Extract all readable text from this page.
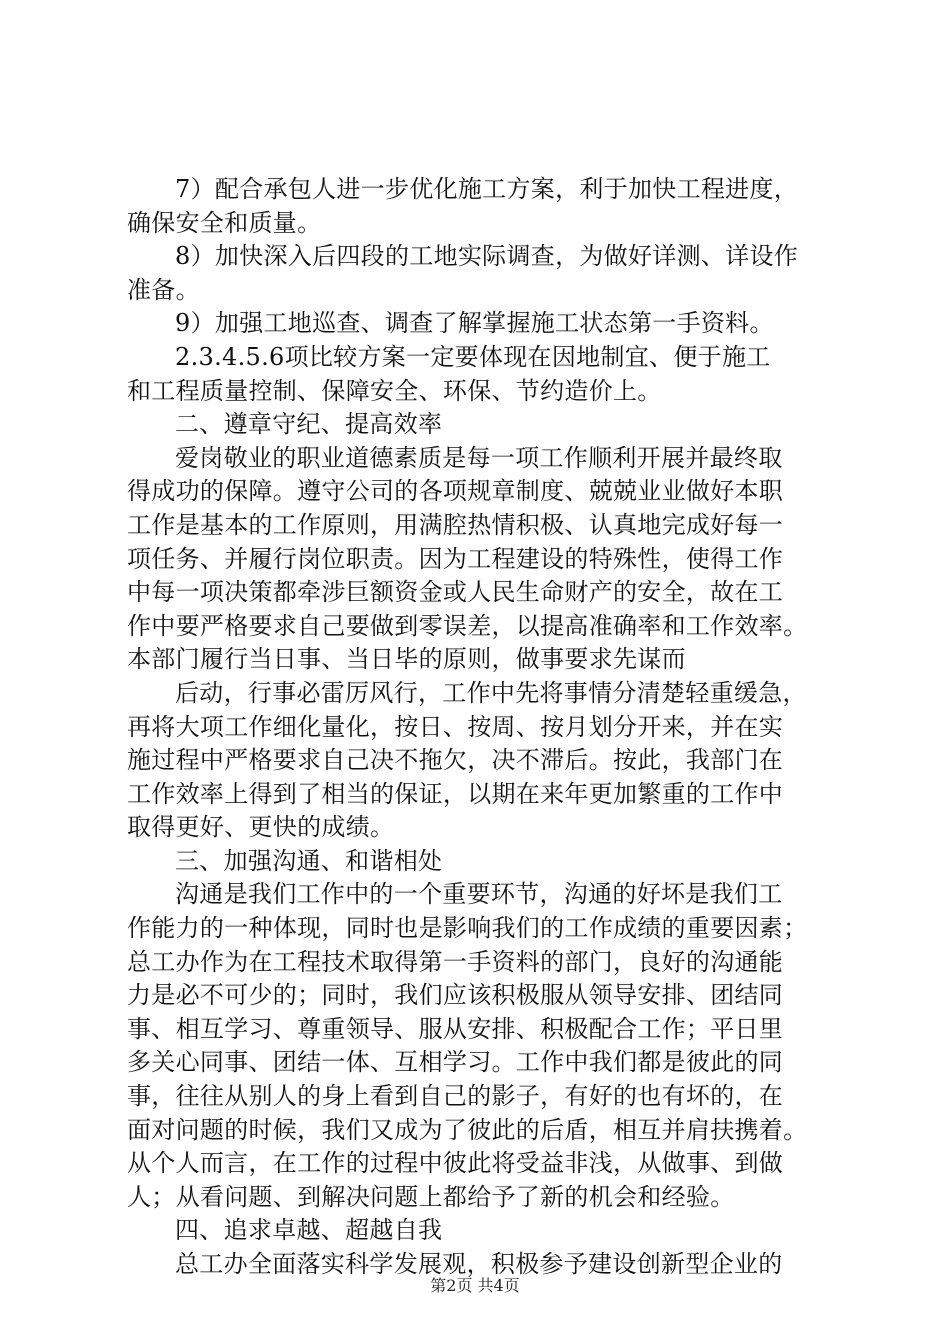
7）配合承包人进一步优化施工方案，利于加快工程进度，
确保安全和质量。
8）加快深入后四段的工地实际调查，为做好详测、详设作
准备。
9）加强工地巡查、调查了解掌握施工状态第一手资料。
2.3.4.5.6项比较方案一定要体现在因地制宜、便于施工
和工程质量控制、保障安全、环保、节约造价上。
二、遵章守纪、提高效率
爱岗敬业的职业道德素质是每一项工作顺利开展并最终取
得成功的保障。遵守公司的各项规章制度、兢兢业业做好本职
工作是基本的工作原则，用满腔热情积极、认真地完成好每一
项任务、并履行岗位职责。因为工程建设的特殊性，使得工作
中每一项决策都牵涉巨额资金或人民生命财产的安全，故在工
作中要严格要求自己要做到零误差，以提高准确率和工作效率。
本部门履行当日事、当日毕的原则，做事要求先谋而
后动，行事必雷厉风行，工作中先将事情分清楚轻重缓急，
再将大项工作细化量化，按日、按周、按月划分开来，并在实
施过程中严格要求自己决不拖欠，决不滞后。按此，我部门在
工作效率上得到了相当的保证，以期在来年更加繁重的工作中
取得更好、更快的成绩。
三、加强沟通、和谐相处
沟通是我们工作中的一个重要环节，沟通的好坏是我们工
作能力的一种体现，同时也是影响我们的工作成绩的重要因素；
总工办作为在工程技术取得第一手资料的部门，良好的沟通能
力是必不可少的；同时，我们应该积极服从领导安排、团结同
事、相互学习、尊重领导、服从安排、积极配合工作；平日里
多关心同事、团结一体、互相学习。工作中我们都是彼此的同
事，往往从别人的身上看到自己的影子，有好的也有坏的，在
面对问题的时候，我们又成为了彼此的后盾，相互并肩扶携着。
从个人而言，在工作的过程中彼此将受益非浅，从做事、到做
人；从看问题、到解决问题上都给予了新的机会和经验。
四、追求卓越、超越自我
总工办全面落实科学发展观，积极参予建设创新型企业的
第2页 共4页
